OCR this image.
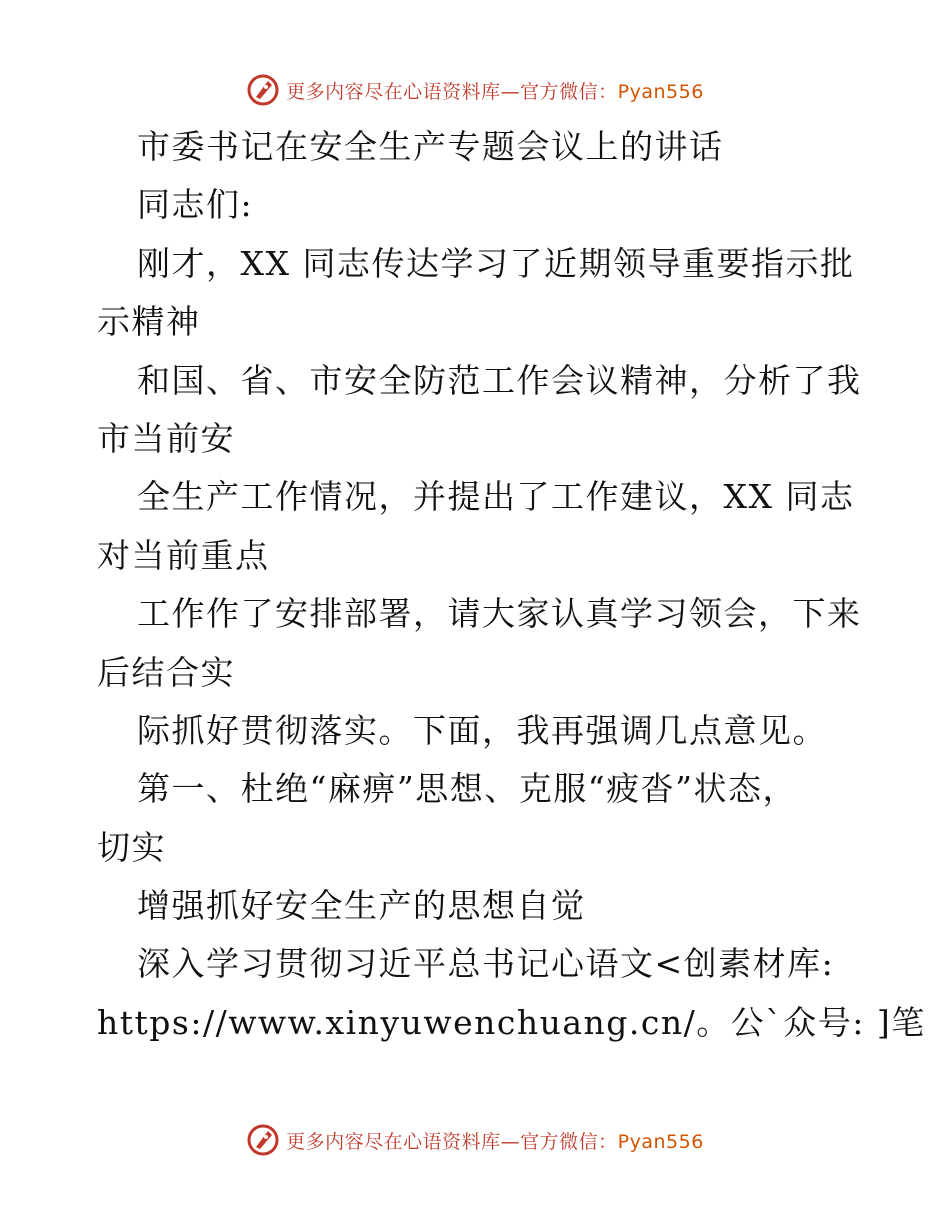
更多内容尽在心语资料库—官方微信：Pyan556
市委书记在安全生产专题会议上的讲话
同志们:
刚才，XX 同志传达学习了近期领导重要指示批
示精神
和国、省、市安全防范工作会议精神，分析了我
市当前安
全生产工作情况，并提出了工作建议，XX 同志
对当前重点
工作作了安排部署，请大家认真学习领会，下来
后结合实
际抓好贯彻落实。下面，我再强调几点意见。
第一、杜绝“麻痹”思想、克服“疲沓”状态，
切实
增强抓好安全生产的思想自觉
深入学习贯彻习近平总书记心语文<创素材库:
https://www.xinyuwenchuang.cn/。公`众号: ]笔
更多内容尽在心语资料库—官方微信：Pyan556
